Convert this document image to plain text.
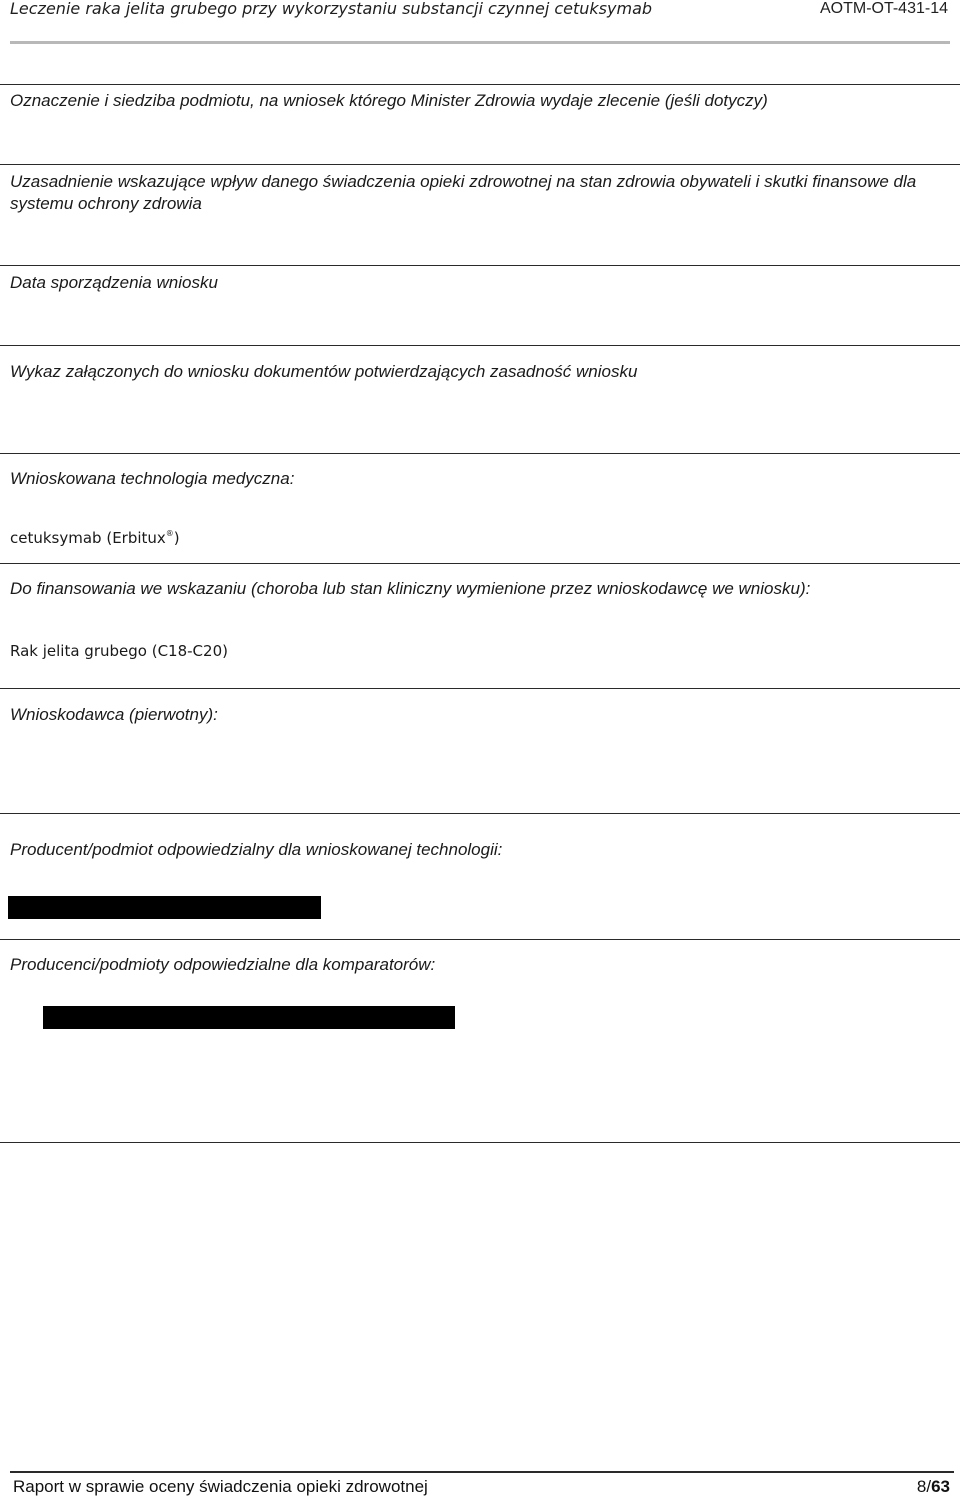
Leczenie raka jelita grubego przy wykorzystaniu substancji czynnej cetuksymab	AOTM-OT-431-14
Oznaczenie i siedziba podmiotu, na wniosek którego Minister Zdrowia wydaje zlecenie (jeśli dotyczy)
Uzasadnienie wskazujące wpływ danego świadczenia opieki zdrowotnej na stan zdrowia obywateli i skutki finansowe dla systemu ochrony zdrowia
Data sporządzenia wniosku
Wykaz załączonych do wniosku dokumentów potwierdzających zasadność wniosku
Wnioskowana technologia medyczna:
cetuksymab (Erbitux®)
Do finansowania we wskazaniu (choroba lub stan kliniczny wymienione przez wnioskodawcę we wniosku):
Rak jelita grubego (C18-C20)
Wnioskodawca (pierwotny):
Producent/podmiot odpowiedzialny dla wnioskowanej technologii:
Producenci/podmioty odpowiedzialne dla komparatorów:
Raport w sprawie oceny świadczenia opieki zdrowotnej	8/63
